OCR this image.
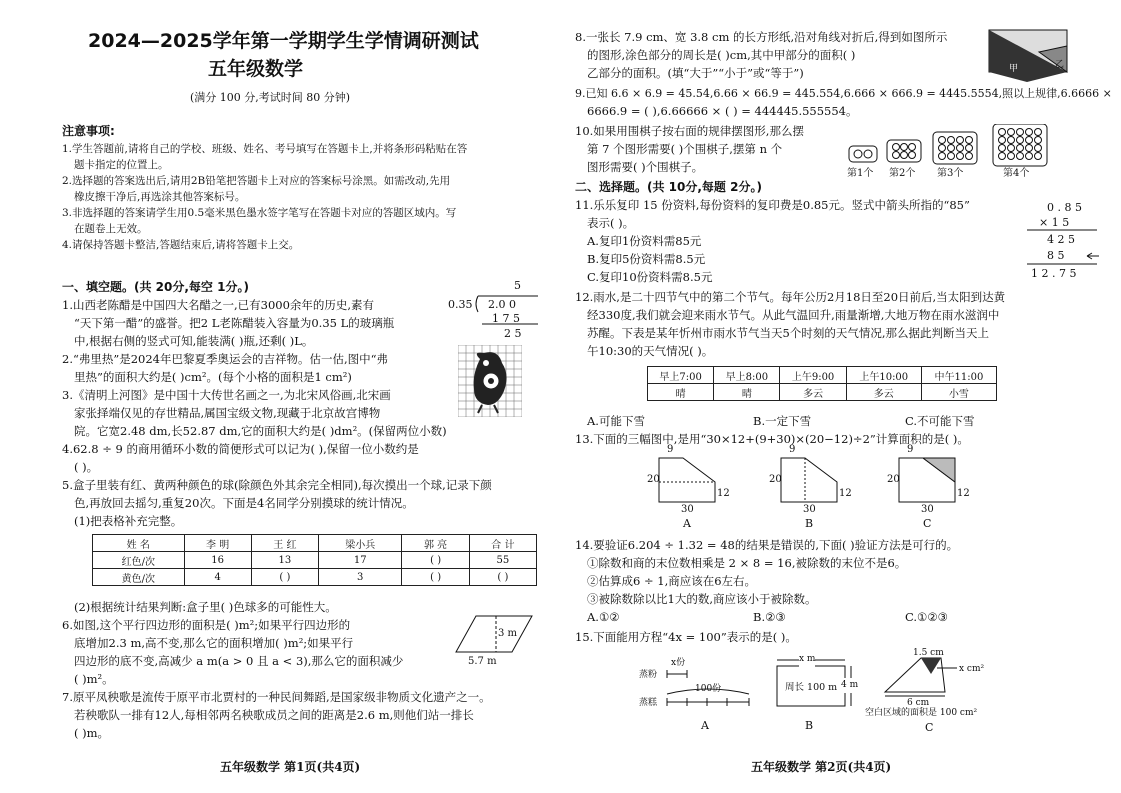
2024—2025学年第一学期学生学情调研测试
五年级数学
(满分 100 分,考试时间 80 分钟)
注意事项:
1.学生答题前,请将自己的学校、班级、姓名、考号填写在答题卡上,并将条形码粘贴在答
题卡指定的位置上。
2.选择题的答案选出后,请用2B铅笔把答题卡上对应的答案标号涂黑。如需改动,先用
橡皮擦干净后,再选涂其他答案标号。
3.非选择题的答案请学生用0.5毫米黑色墨水签字笔写在答题卡对应的答题区域内。写
在题卷上无效。
4.请保持答题卡整洁,答题结束后,请将答题卡上交。
一、填空题。(共 20分,每空 1分。)
1.山西老陈醋是中国四大名醋之一,已有3000余年的历史,素有
“天下第一醋”的盛誉。把2 L老陈醋装入容量为0.35 L的玻璃瓶
中,根据右侧的竖式可知,能装满( )瓶,还剩( )L。
2.“弗里热”是2024年巴黎夏季奥运会的吉祥物。估一估,图中“弗
里热”的面积大约是( )cm²。(每个小格的面积是1 cm²)
3.《清明上河图》是中国十大传世名画之一,为北宋风俗画,北宋画
家张择端仅见的存世精品,属国宝级文物,现藏于北京故宫博物
院。它宽2.48 dm,长52.87 dm,它的面积大约是( )dm²。(保留两位小数)
4.62.8 ÷ 9 的商用循环小数的简便形式可以记为( ),保留一位小数约是
( )。
5.盒子里装有红、黄两种颜色的球(除颜色外其余完全相同),每次摸出一个球,记录下颜
色,再放回去摇匀,重复20次。下面是4名同学分别摸球的统计情况。
(1)把表格补充完整。
姓 名	李 明	王 红	梁小兵	郭 亮	合 计
红色/次	16	13	17	( )	55
黄色/次	4	( )	3	( )	( )
(2)根据统计结果判断:盒子里( )色球多的可能性大。
6.如图,这个平行四边形的面积是( )m²;如果平行四边形的
底增加2.3 m,高不变,那么它的面积增加( )m²;如果平行
四边形的底不变,高减少 a m(a > 0 且 a < 3),那么它的面积减少
( )m²。
7.原平凤秧歌是流传于原平市北贾村的一种民间舞蹈,是国家级非物质文化遗产之一。
若秧歌队一排有12人,每相邻两名秧歌成员之间的距离是2.6 m,则他们站一排长
( )m。
5
0.35 2.0 0
1 7 5
2 5
3 m
5.7 m
五年级数学 第1页(共4页)
8.一张长 7.9 cm、宽 3.8 cm 的长方形纸,沿对角线对折后,得到如图所示
的图形,涂色部分的周长是( )cm,其中甲部分的面积( )
乙部分的面积。(填“大于”“小于”或“等于”)
9.已知 6.6 × 6.9 = 45.54,6.66 × 66.9 = 445.554,6.666 × 666.9 = 4445.5554,照以上规律,6.6666 ×
6666.9 = ( ),6.66666 × ( ) = 444445.555554。
10.如果用围棋子按右面的规律摆图形,那么摆
第 7 个图形需要( )个围棋子,摆第 n 个
图形需要( )个围棋子。
甲	乙
第1个 第2个 第3个	第4个
二、选择题。(共 10分,每题 2分。)
11.乐乐复印 15 份资料,每份资料的复印费是0.85元。竖式中箭头所指的“85”
表示( )。
A.复印1份资料需85元
B.复印5份资料需8.5元
C.复印10份资料需8.5元
0 . 8 5
× 1 5
4 2 5
8 5
1 2 . 7 5
12.雨水,是二十四节气中的第二个节气。每年公历2月18日至20日前后,当太阳到达黄
经330度,我们就会迎来雨水节气。从此气温回升,雨量渐增,大地万物在雨水滋润中
苏醒。下表是某年忻州市雨水节气当天5个时刻的天气情况,那么据此判断当天上
午10:30的天气情况( )。
早上7:00	早上8:00	上午9:00	上午10:00	中午11:00
晴	晴	多云	多云	小雪
A.可能下雪	B.一定下雪	C.不可能下雪
13.下面的三幅图中,是用“30×12+(9+30)×(20−12)÷2”计算面积的是( )。
9
20
12
30
A
9
20
12
30
B
9
20
12
30
C
14.要验证6.204 ÷ 1.32 = 48的结果是错误的,下面( )验证方法是可行的。
①除数和商的末位数相乘是 2 × 8 = 16,被除数的末位不是6。
②估算成6 ÷ 1,商应该在6左右。
③被除数除以比1大的数,商应该小于被除数。
A.①②	B.②③	C.①②③
15.下面能用方程“4x = 100”表示的是( )。
x份
蒸粉
蒸糕
100份
A
x m
4 m
周长 100 m
B
1.5 cm
x cm²
6 cm
空白区域的面积是 100 cm²
C
五年级数学 第2页(共4页)
